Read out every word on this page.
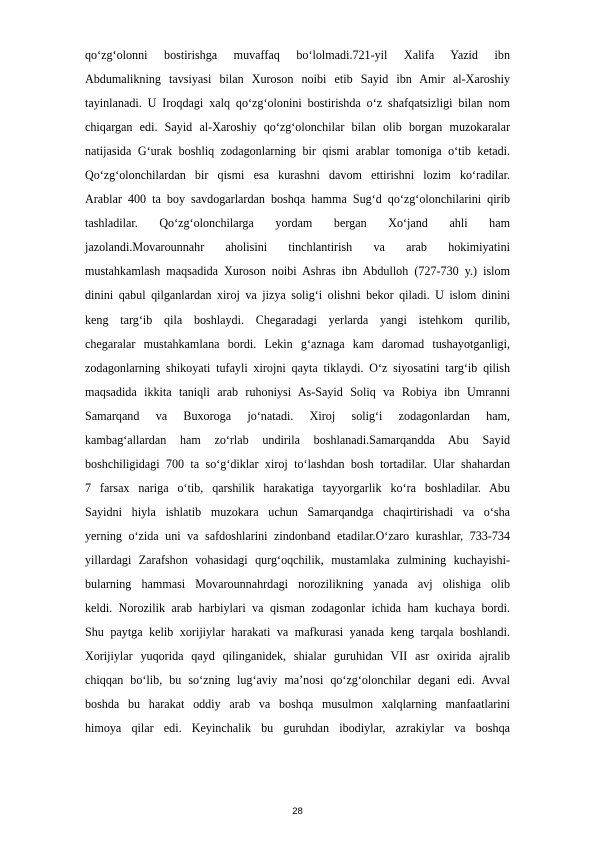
qo‘zg‘olonni bostirishga muvaffaq bo‘lolmadi.721-yil Xalifa Yazid ibn
Abdumalikning tavsiyasi bilan Xuroson noibi etib Sayid ibn Amir al-Xaroshiy
tayinlanadi. U Iroqdagi xalq qo‘zg‘olonini bostirishda o‘z shafqatsizligi bilan nom
chiqargan edi. Sayid al-Xaroshiy qo‘zg‘olonchilar bilan olib borgan muzokaralar
natijasida G‘urak boshliq zodagonlarning bir qismi arablar tomoniga o‘tib ketadi.
Qo‘zg‘olonchilardan bir qismi esa kurashni davom ettirishni lozim ko‘radilar.
Arablar 400 ta boy savdogarlardan boshqa hamma Sug‘d qo‘zg‘olonchilarini qirib
tashladilar. Qo‘zg‘olonchilarga yordam bergan Xo‘jand ahli ham
jazolandi.Movarounnahr aholisini tinchlantirish va arab hokimiyatini
mustahkamlash maqsadida Xuroson noibi Ashras ibn Abdulloh (727-730 y.) islom
dinini qabul qilganlardan xiroj va jizya solig‘i olishni bekor qiladi. U islom dinini
keng targ‘ib qila boshlaydi. Chegaradagi yerlarda yangi istehkom qurilib,
chegaralar mustahkamlana bordi. Lekin g‘aznaga kam daromad tushayotganligi,
zodagonlarning shikoyati tufayli xirojni qayta tiklaydi. O‘z siyosatini targ‘ib qilish
maqsadida ikkita taniqli arab ruhoniysi As-Sayid Soliq va Robiya ibn Umranni
Samarqand va Buxoroga jo‘natadi. Xiroj solig‘i zodagonlardan ham,
kambag‘allardan ham zo‘rlab undirila boshlanadi.Samarqandda Abu Sayid
boshchiligidagi 700 ta so‘g‘diklar xiroj to‘lashdan bosh tortadilar. Ular shahardan
7 farsax nariga o‘tib, qarshilik harakatiga tayyorgarlik ko‘ra boshladilar. Abu
Sayidni hiyla ishlatib muzokara uchun Samarqandga chaqirtirishadi va o‘sha
yerning o‘zida uni va safdoshlarini zindonband etadilar.O‘zaro kurashlar, 733-734
yillardagi Zarafshon vohasidagi qurg‘oqchilik, mustamlaka zulmining kuchayishi-
bularning hammasi Movarounnahrdagi norozilikning yanada avj olishiga olib
keldi. Norozilik arab harbiylari va qisman zodagonlar ichida ham kuchaya bordi.
Shu paytga kelib xorijiylar harakati va mafkurasi yanada keng tarqala boshlandi.
Xorijiylar yuqorida qayd qilinganidek, shialar guruhidan VII asr oxirida ajralib
chiqqan bo‘lib, bu so‘zning lug‘aviy ma’nosi qo‘zg‘olonchilar degani edi. Avval
boshda bu harakat oddiy arab va boshqa musulmon xalqlarning manfaatlarini
himoya qilar edi. Keyinchalik bu guruhdan ibodiylar, azrakiylar va boshqa
28
